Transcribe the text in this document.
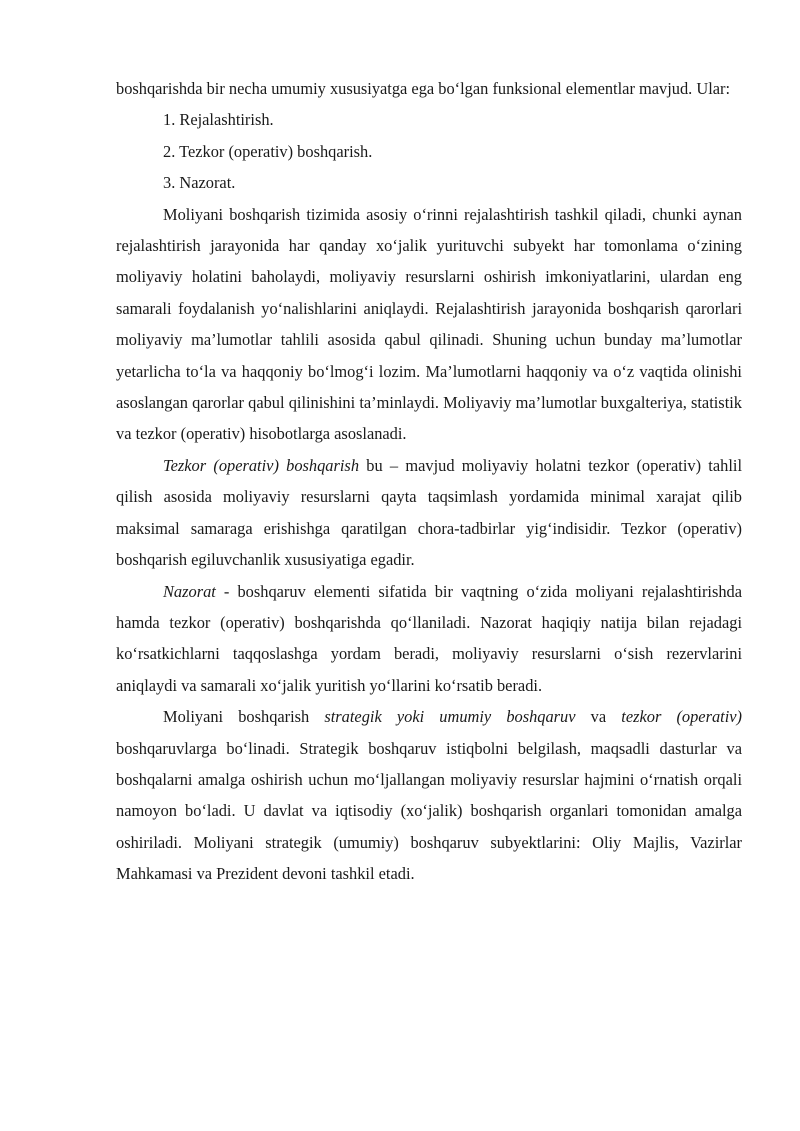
boshqarishda bir necha umumiy xususiyatga ega bo‘lgan funksional elementlar mavjud. Ular:

1. Rejalashtirish.

2. Tezkor (operativ) boshqarish.

3. Nazorat.

Moliyani boshqarish tizimida asosiy o‘rinni rejalashtirish tashkil qiladi, chunki aynan rejalashtirish jarayonida har qanday xo‘jalik yurituvchi subyekt har tomonlama o‘zining moliyaviy holatini baholaydi, moliyaviy resurslarni oshirish imkoniyatlarini, ulardan eng samarali foydalanish yo‘nalishlarini aniqlaydi. Rejalashtirish jarayonida boshqarish qarorlari moliyaviy ma’lumotlar tahlili asosida qabul qilinadi. Shuning uchun bunday ma’lumotlar yetarlicha to‘la va haqqoniy bo‘lmog‘i lozim. Ma’lumotlarni haqqoniy va o‘z vaqtida olinishi asoslangan qarorlar qabul qilinishini ta’minlaydi. Moliyaviy ma’lumotlar buxgalteriya, statistik va tezkor (operativ) hisobotlarga asoslanadi.

Tezkor (operativ) boshqarish bu – mavjud moliyaviy holatni tezkor (operativ) tahlil qilish asosida moliyaviy resurslarni qayta taqsimlash yordamida minimal xarajat qilib maksimal samaraga erishishga qaratilgan chora-tadbirlar yig‘indisidir. Tezkor (operativ) boshqarish egiluvchanlik xususiyatiga egadir.

Nazorat - boshqaruv elementi sifatida bir vaqtning o‘zida moliyani rejalashtirishda hamda tezkor (operativ) boshqarishda qo‘llaniladi. Nazorat haqiqiy natija bilan rejadagi ko‘rsatkichlarni taqqoslashga yordam beradi, moliyaviy resurslarni o‘sish rezervlarini aniqlaydi va samarali xo‘jalik yuritish yo‘llarini ko‘rsatib beradi.

Moliyani boshqarish strategik yoki umumiy boshqaruv va tezkor (operativ) boshqaruvlarga bo‘linadi. Strategik boshqaruv istiqbolni belgilash, maqsadli dasturlar va boshqalarni amalga oshirish uchun mo‘ljallangan moliyaviy resurslar hajmini o‘rnatish orqali namoyon bo‘ladi. U davlat va iqtisodiy (xo‘jalik) boshqarish organlari tomonidan amalga oshiriladi. Moliyani strategik (umumiy) boshqaruv subyektlarini: Oliy Majlis, Vazirlar Mahkamasi va Prezident devoni tashkil etadi.
